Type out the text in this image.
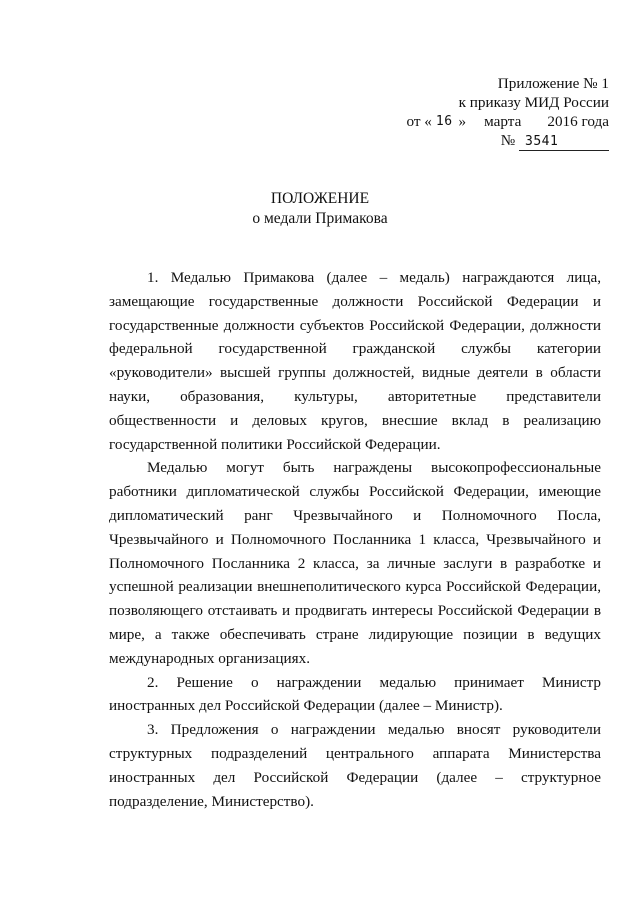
Приложение № 1
к приказу МИД России
от « 16 » марта 2016 года
№ 3541
ПОЛОЖЕНИЕ
о медали Примакова

1. Медалью Примакова (далее – медаль) награждаются лица, замещающие государственные должности Российской Федерации и государственные должности субъектов Российской Федерации, должности федеральной государственной гражданской службы категории «руководители» высшей группы должностей, видные деятели в области науки, образования, культуры, авторитетные представители общественности и деловых кругов, внесшие вклад в реализацию государственной политики Российской Федерации.

Медалью могут быть награждены высокопрофессиональные работники дипломатической службы Российской Федерации, имеющие дипломатический ранг Чрезвычайного и Полномочного Посла, Чрезвычайного и Полномочного Посланника 1 класса, Чрезвычайного и Полномочного Посланника 2 класса, за личные заслуги в разработке и успешной реализации внешнеполитического курса Российской Федерации, позволяющего отстаивать и продвигать интересы Российской Федерации в мире, а также обеспечивать стране лидирующие позиции в ведущих международных организациях.

2. Решение о награждении медалью принимает Министр иностранных дел Российской Федерации (далее – Министр).

3. Предложения о награждении медалью вносят руководители структурных подразделений центрального аппарата Министерства иностранных дел Российской Федерации (далее – структурное подразделение, Министерство).
